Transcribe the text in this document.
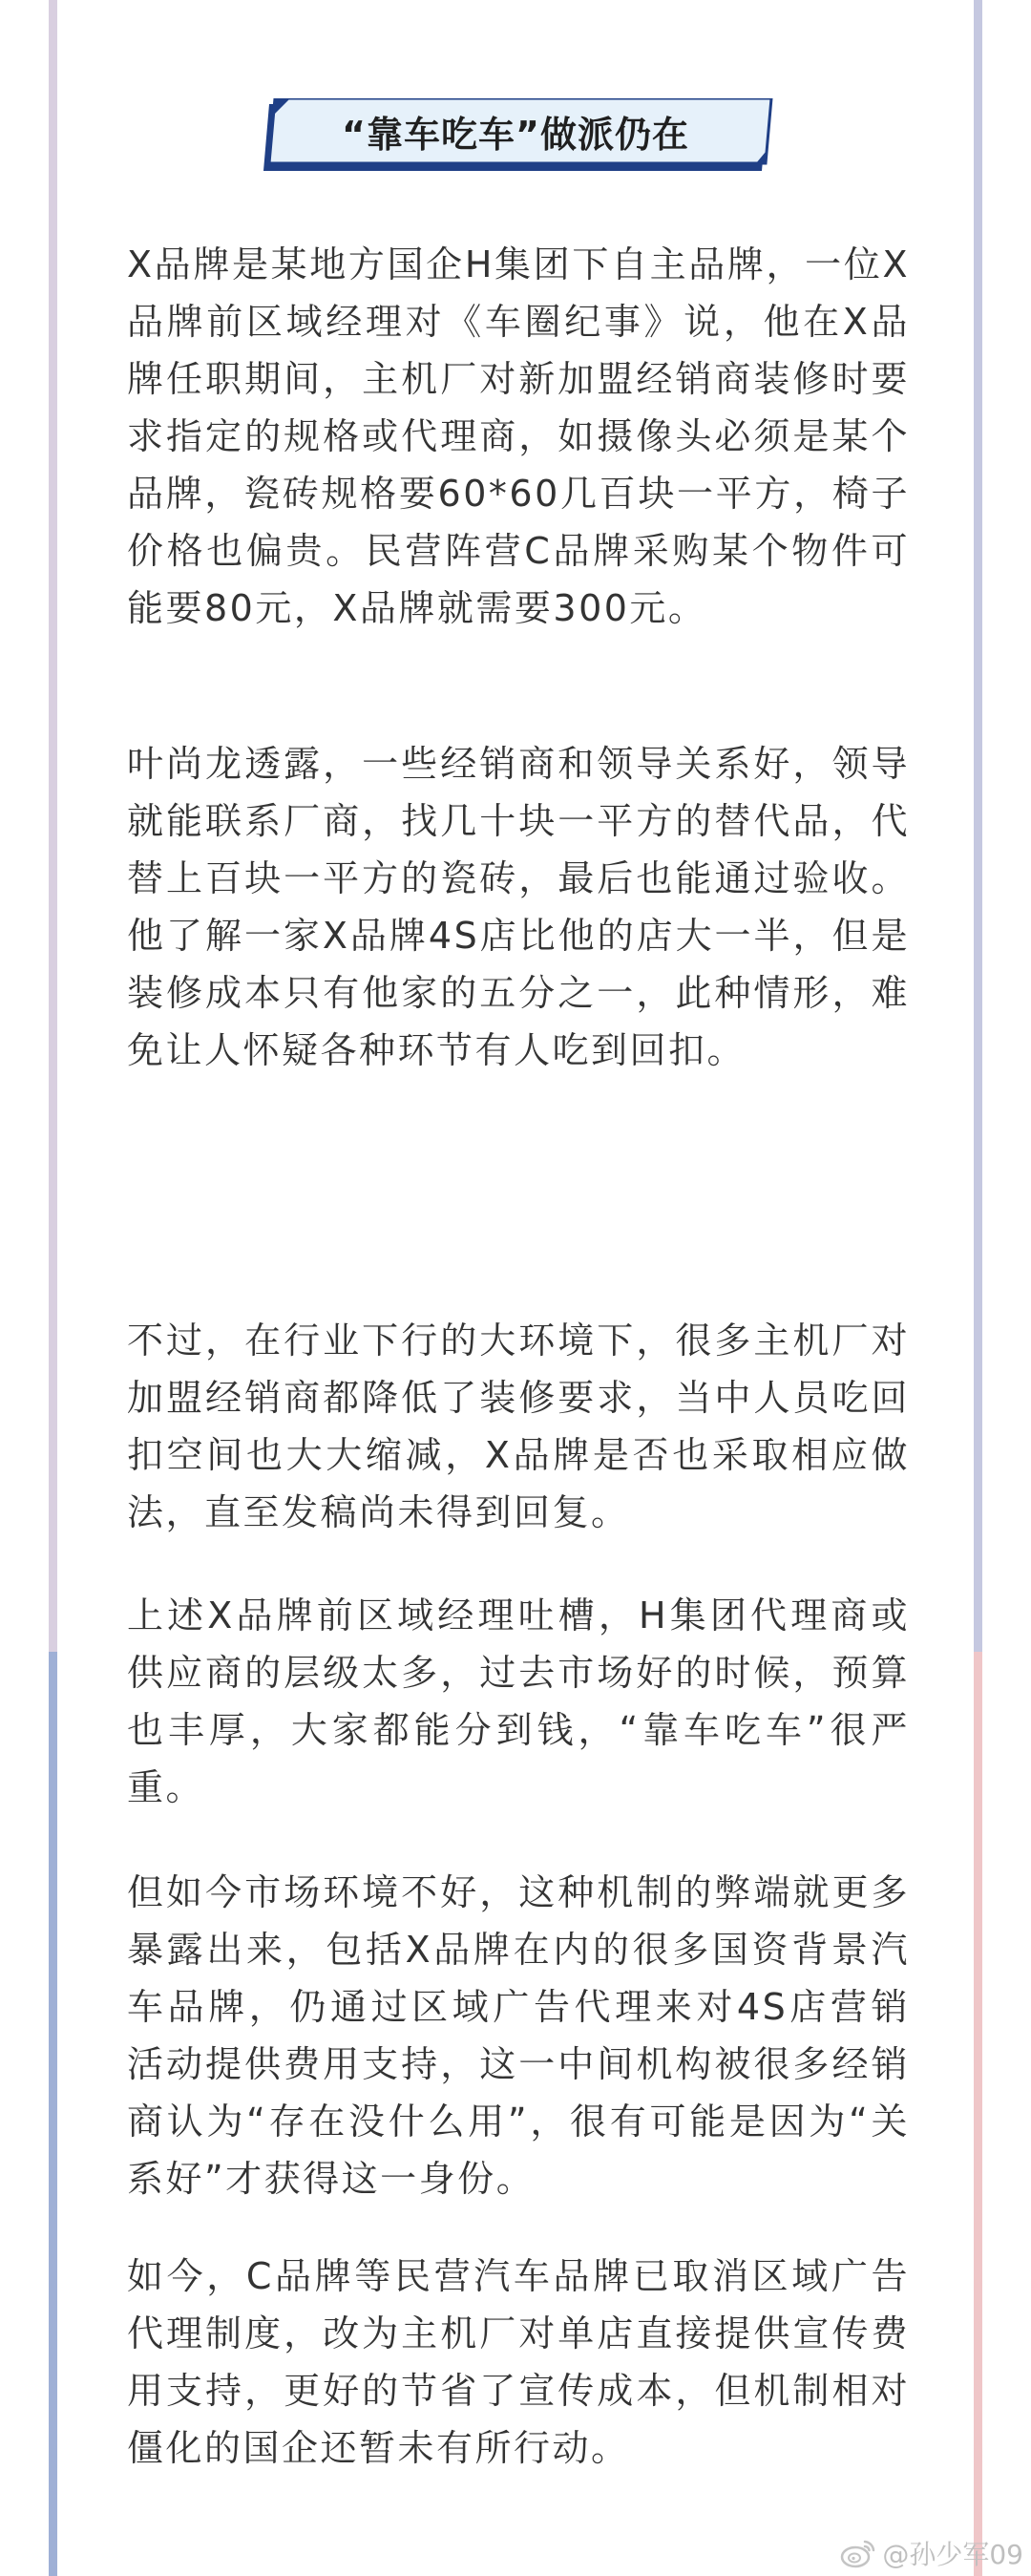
“靠车吃车”做派仍在

X品牌是某地方国企H集团下自主品牌，一位X品牌前区域经理对《车圈纪事》说，他在X品牌任职期间，主机厂对新加盟经销商装修时要求指定的规格或代理商，如摄像头必须是某个品牌，瓷砖规格要60*60几百块一平方，椅子价格也偏贵。民营阵营C品牌采购某个物件可能要80元，X品牌就需要300元。

叶尚龙透露，一些经销商和领导关系好，领导就能联系厂商，找几十块一平方的替代品，代替上百块一平方的瓷砖，最后也能通过验收。他了解一家X品牌4S店比他的店大一半，但是装修成本只有他家的五分之一，此种情形，难免让人怀疑各种环节有人吃到回扣。

不过，在行业下行的大环境下，很多主机厂对加盟经销商都降低了装修要求，当中人员吃回扣空间也大大缩减，X品牌是否也采取相应做法，直至发稿尚未得到回复。

上述X品牌前区域经理吐槽，H集团代理商或供应商的层级太多，过去市场好的时候，预算也丰厚，大家都能分到钱，“靠车吃车”很严重。

但如今市场环境不好，这种机制的弊端就更多暴露出来，包括X品牌在内的很多国资背景汽车品牌，仍通过区域广告代理来对4S店营销活动提供费用支持，这一中间机构被很多经销商认为“存在没什么用”，很有可能是因为“关系好”才获得这一身份。

如今，C品牌等民营汽车品牌已取消区域广告代理制度，改为主机厂对单店直接提供宣传费用支持，更好的节省了宣传成本，但机制相对僵化的国企还暂未有所行动。

@孙少军09
